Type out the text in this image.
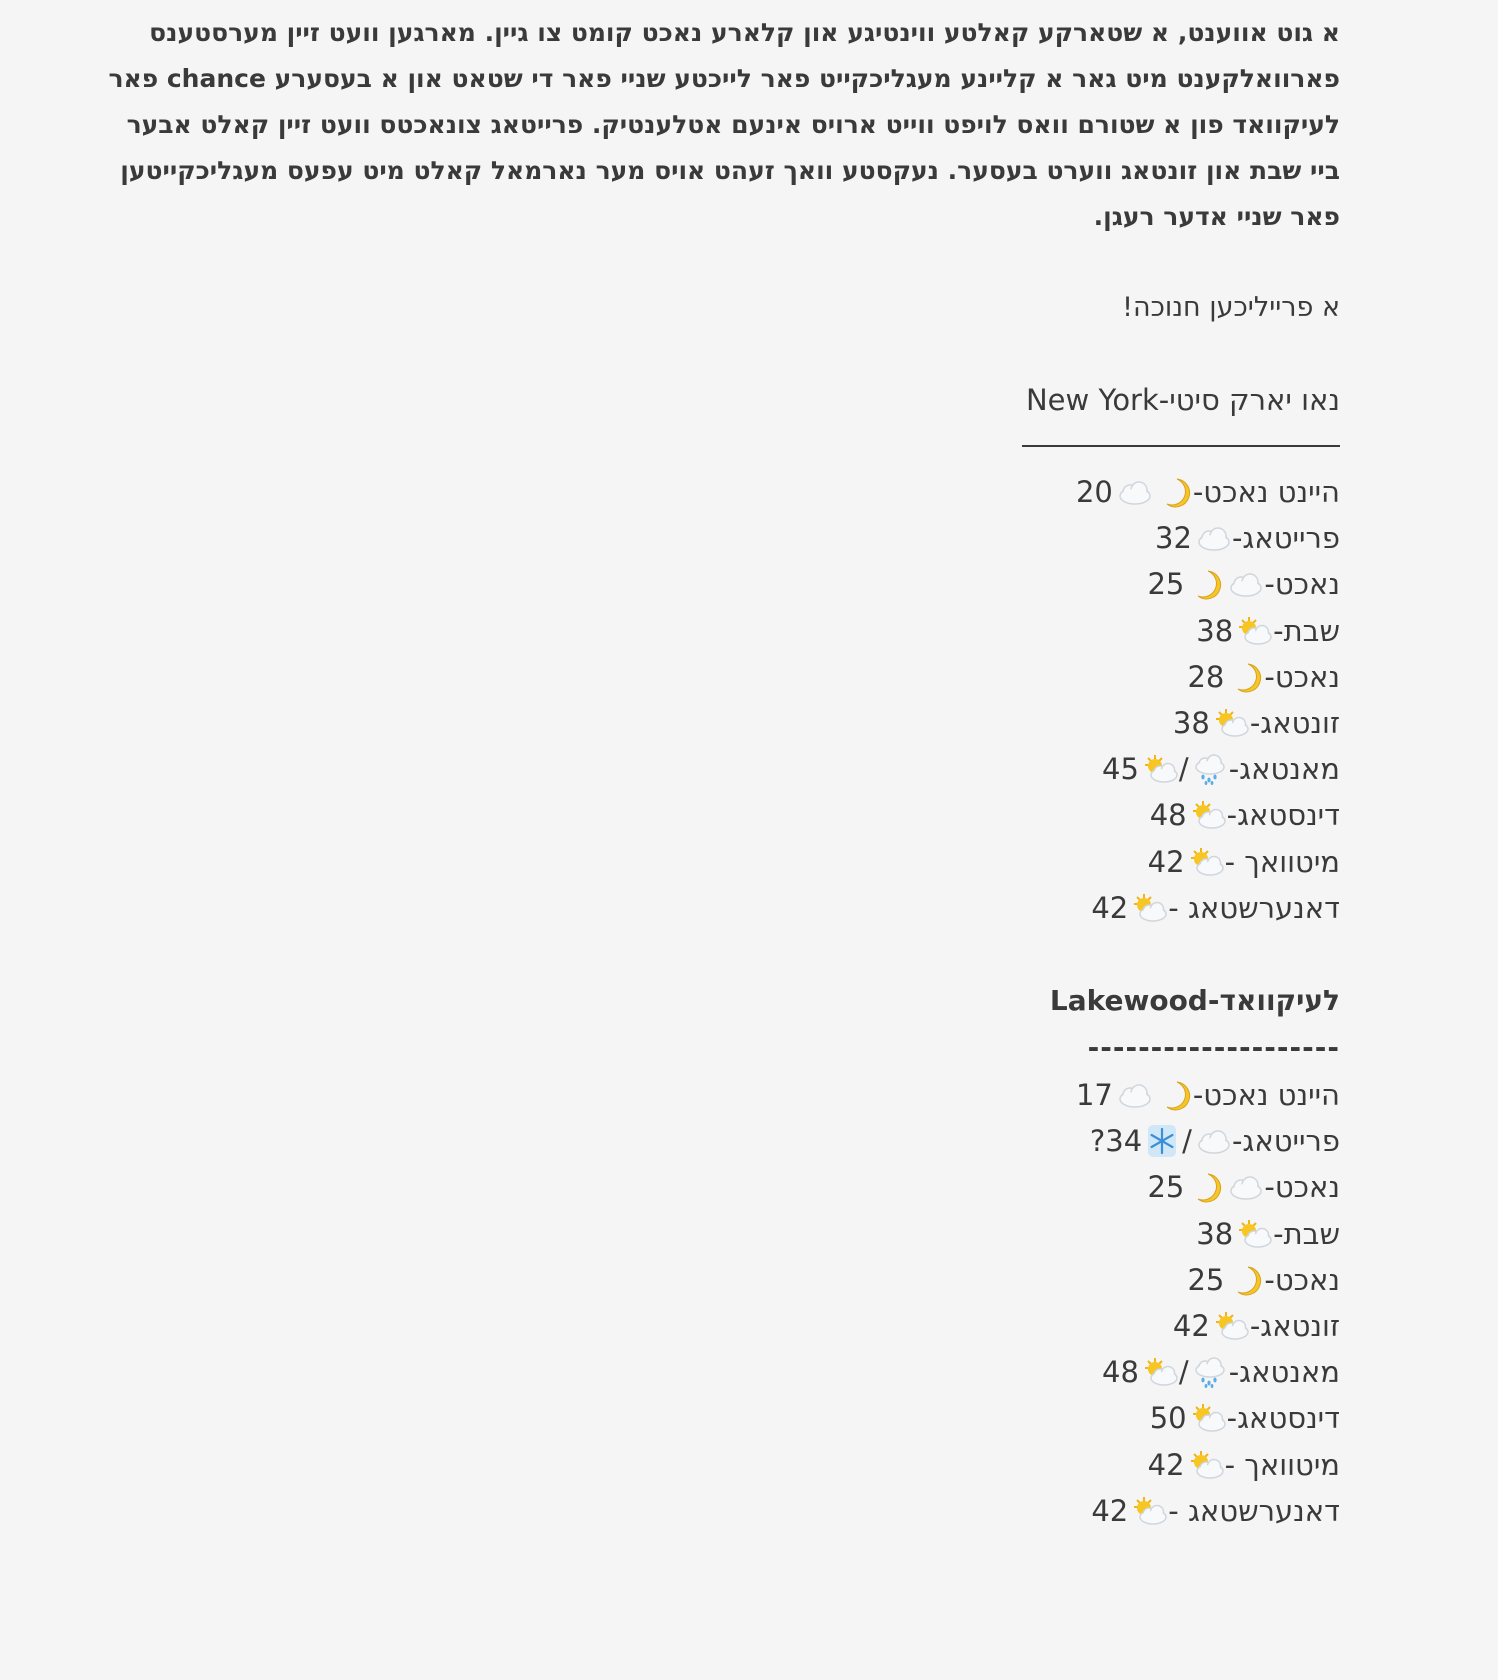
א גוט אווענט, א שטארקע קאלטע ווינטיגע און קלארע נאכט קומט צו גיין. מארגען וועט זיין מערסטענס פארוואלקענט מיט גאר א קליינע מעגליכקייט פאר לייכטע שניי פאר די שטאט און א בעסערע chance פאר לעיקוואד פון א שטורם וואס לויפט ווייט ארויס אינעם אטלענטיק. פרייטאג צונאכטס וועט זיין קאלט אבער ביי שבת און זונטאג ווערט בעסער. נעקסטע וואך זעהט אויס מער נארמאל קאלט מיט עפעס מעגליכקייטען פאר שניי אדער רעגן.
א פרייליכען חנוכה!
נאו יארק סיטי-New York
היינט נאכט-
20
פרייטאג-
32
נאכט-
25
שבת-
38
נאכט-
28
זונטאג-
38
מאנטאג-
/
45
דינסטאג-
48
מיטוואך -
42
דאנערשטאג -
42
לעיקוואד-Lakewood
--------------------
היינט נאכט-
17
פרייטאג-
/
34?
נאכט-
25
שבת-
38
נאכט-
25
זונטאג-
42
מאנטאג-
/
48
דינסטאג-
50
מיטוואך -
42
דאנערשטאג -
42
